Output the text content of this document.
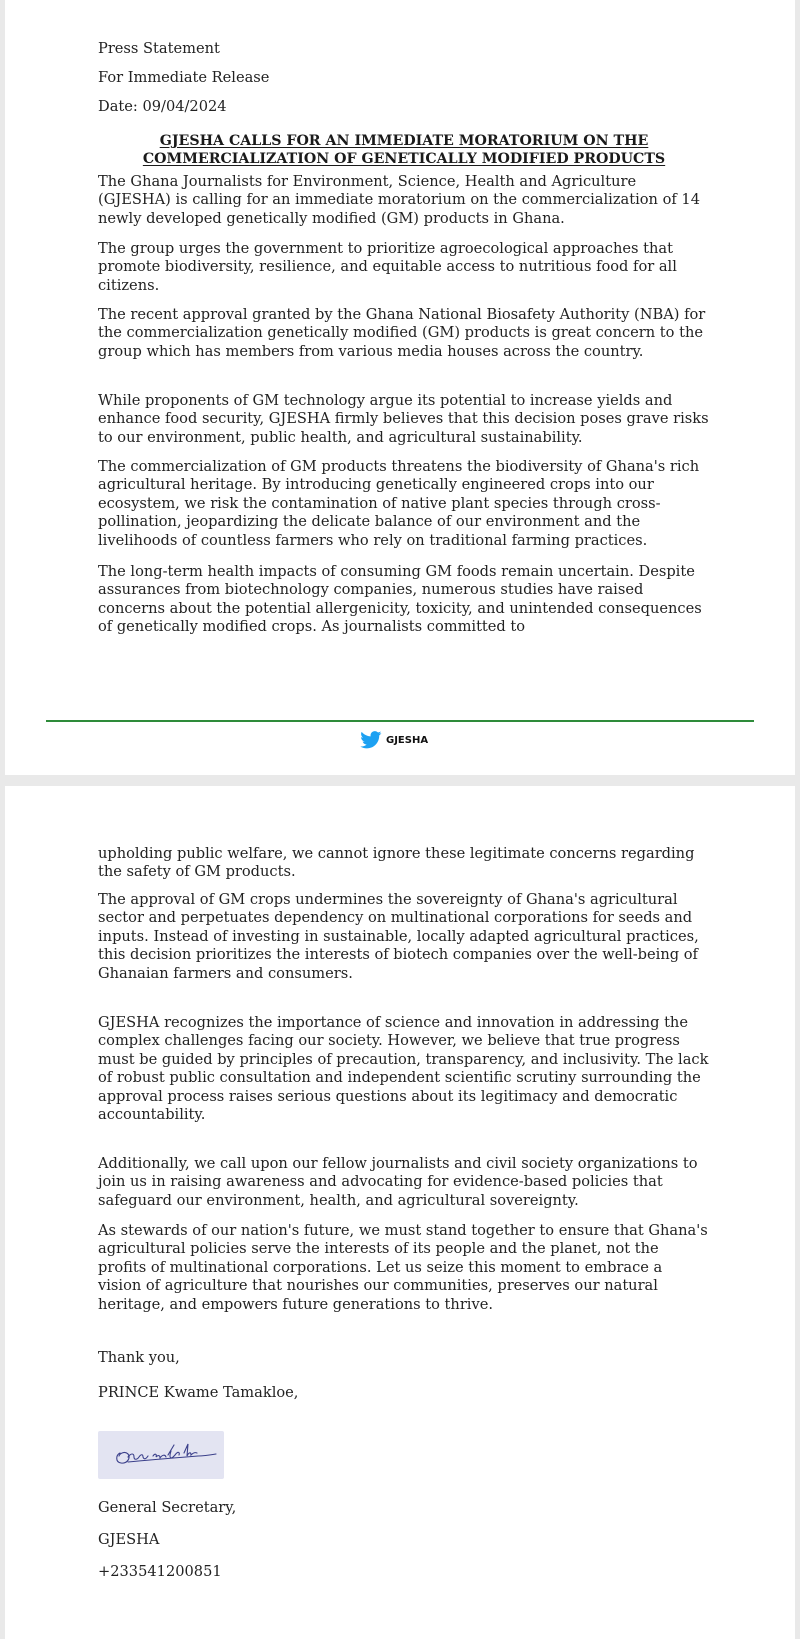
Press Statement
For Immediate Release
Date: 09/04/2024
GJESHA CALLS FOR AN IMMEDIATE MORATORIUM ON THE
COMMERCIALIZATION OF GENETICALLY MODIFIED PRODUCTS

The Ghana Journalists for Environment, Science, Health and Agriculture (GJESHA) is calling for an immediate moratorium on the commercialization of 14 newly developed genetically modified (GM) products in Ghana.

The group urges the government to prioritize agroecological approaches that promote biodiversity, resilience, and equitable access to nutritious food for all citizens.

The recent approval granted by the Ghana National Biosafety Authority (NBA) for the commercialization genetically modified (GM) products is great concern to the group which has members from various media houses across the country.

While proponents of GM technology argue its potential to increase yields and enhance food security, GJESHA firmly believes that this decision poses grave risks to our environment, public health, and agricultural sustainability.

The commercialization of GM products threatens the biodiversity of Ghana's rich agricultural heritage. By introducing genetically engineered crops into our ecosystem, we risk the contamination of native plant species through cross-pollination, jeopardizing the delicate balance of our environment and the livelihoods of countless farmers who rely on traditional farming practices.

The long-term health impacts of consuming GM foods remain uncertain. Despite assurances from biotechnology companies, numerous studies have raised concerns about the potential allergenicity, toxicity, and unintended consequences of genetically modified crops. As journalists committed to

GJESHA

upholding public welfare, we cannot ignore these legitimate concerns regarding the safety of GM products.

The approval of GM crops undermines the sovereignty of Ghana's agricultural sector and perpetuates dependency on multinational corporations for seeds and inputs. Instead of investing in sustainable, locally adapted agricultural practices, this decision prioritizes the interests of biotech companies over the well-being of Ghanaian farmers and consumers.

GJESHA recognizes the importance of science and innovation in addressing the complex challenges facing our society. However, we believe that true progress must be guided by principles of precaution, transparency, and inclusivity. The lack of robust public consultation and independent scientific scrutiny surrounding the approval process raises serious questions about its legitimacy and democratic accountability.

Additionally, we call upon our fellow journalists and civil society organizations to join us in raising awareness and advocating for evidence-based policies that safeguard our environment, health, and agricultural sovereignty.

As stewards of our nation's future, we must stand together to ensure that Ghana's agricultural policies serve the interests of its people and the planet, not the profits of multinational corporations. Let us seize this moment to embrace a vision of agriculture that nourishes our communities, preserves our natural heritage, and empowers future generations to thrive.

Thank you,
PRINCE Kwame Tamakloe,
General Secretary,
GJESHA
+233541200851
